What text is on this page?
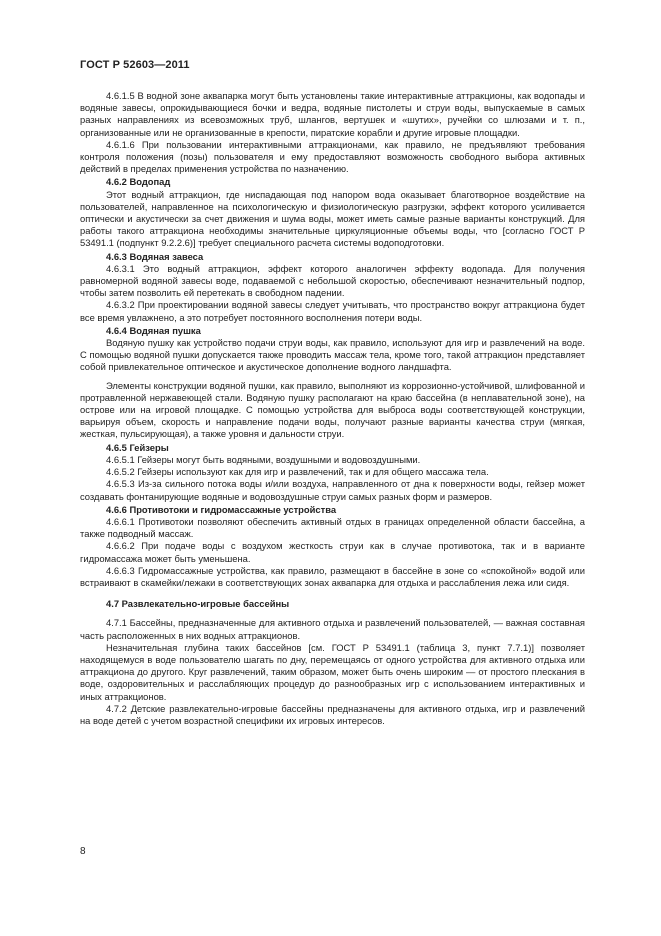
ГОСТ Р 52603—2011

4.6.1.5 В водной зоне аквапарка могут быть установлены такие интерактивные аттракционы, как водопады и водяные завесы, опрокидывающиеся бочки и ведра, водяные пистолеты и струи воды, выпускаемые в самых разных направлениях из всевозможных труб, шлангов, вертушек и «шутих», ручейки со шлюзами и т. п., организованные или не организованные в крепости, пиратские корабли и другие игровые площадки.

4.6.1.6 При пользовании интерактивными аттракционами, как правило, не предъявляют требования контроля положения (позы) пользователя и ему предоставляют возможность свободного выбора активных действий в пределах применения устройства по назначению.

4.6.2 Водопад

Этот водный аттракцион, где ниспадающая под напором вода оказывает благотворное воздействие на пользователей, направленное на психологическую и физиологическую разгрузки, эффект которого усиливается оптически и акустически за счет движения и шума воды, может иметь самые разные варианты конструкций. Для работы такого аттракциона необходимы значительные циркуляционные объемы воды, что [согласно ГОСТ Р 53491.1 (подпункт 9.2.2.6)] требует специального расчета системы водоподготовки.

4.6.3 Водяная завеса

4.6.3.1 Это водный аттракцион, эффект которого аналогичен эффекту водопада. Для получения равномерной водяной завесы воде, подаваемой с небольшой скоростью, обеспечивают незначительный подпор, чтобы затем позволить ей перетекать в свободном падении.

4.6.3.2 При проектировании водяной завесы следует учитывать, что пространство вокруг аттракциона будет все время увлажнено, а это потребует постоянного восполнения потери воды.

4.6.4 Водяная пушка

Водяную пушку как устройство подачи струи воды, как правило, используют для игр и развлечений на воде. С помощью водяной пушки допускается также проводить массаж тела, кроме того, такой аттракцион представляет собой привлекательное оптическое и акустическое дополнение водного ландшафта.

Элементы конструкции водяной пушки, как правило, выполняют из коррозионно-устойчивой, шлифованной и протравленной нержавеющей стали. Водяную пушку располагают на краю бассейна (в неплавательной зоне), на острове или на игровой площадке. С помощью устройства для выброса воды соответствующей конструкции, варьируя объем, скорость и направление подачи воды, получают разные варианты качества струи (мягкая, жесткая, пульсирующая), а также уровня и дальности струи.

4.6.5 Гейзеры

4.6.5.1 Гейзеры могут быть водяными, воздушными и водовоздушными.

4.6.5.2 Гейзеры используют как для игр и развлечений, так и для общего массажа тела.

4.6.5.3 Из-за сильного потока воды и/или воздуха, направленного от дна к поверхности воды, гейзер может создавать фонтанирующие водяные и водовоздушные струи самых разных форм и размеров.

4.6.6 Противотоки и гидромассажные устройства

4.6.6.1 Противотоки позволяют обеспечить активный отдых в границах определенной области бассейна, а также подводный массаж.

4.6.6.2 При подаче воды с воздухом жесткость струи как в случае противотока, так и в варианте гидромассажа может быть уменьшена.

4.6.6.3 Гидромассажные устройства, как правило, размещают в бассейне в зоне со «спокойной» водой или встраивают в скамейки/лежаки в соответствующих зонах аквапарка для отдыха и расслабления лежа или сидя.

4.7 Развлекательно-игровые бассейны

4.7.1 Бассейны, предназначенные для активного отдыха и развлечений пользователей, — важная составная часть расположенных в них водных аттракционов.

Незначительная глубина таких бассейнов [см. ГОСТ Р 53491.1 (таблица 3, пункт 7.7.1)] позволяет находящемуся в воде пользователю шагать по дну, перемещаясь от одного устройства для активного отдыха или аттракциона до другого. Круг развлечений, таким образом, может быть очень широким — от простого плескания в воде, оздоровительных и расслабляющих процедур до разнообразных игр с использованием интерактивных и иных аттракционов.

4.7.2 Детские развлекательно-игровые бассейны предназначены для активного отдыха, игр и развлечений на воде детей с учетом возрастной специфики их игровых интересов.

8
